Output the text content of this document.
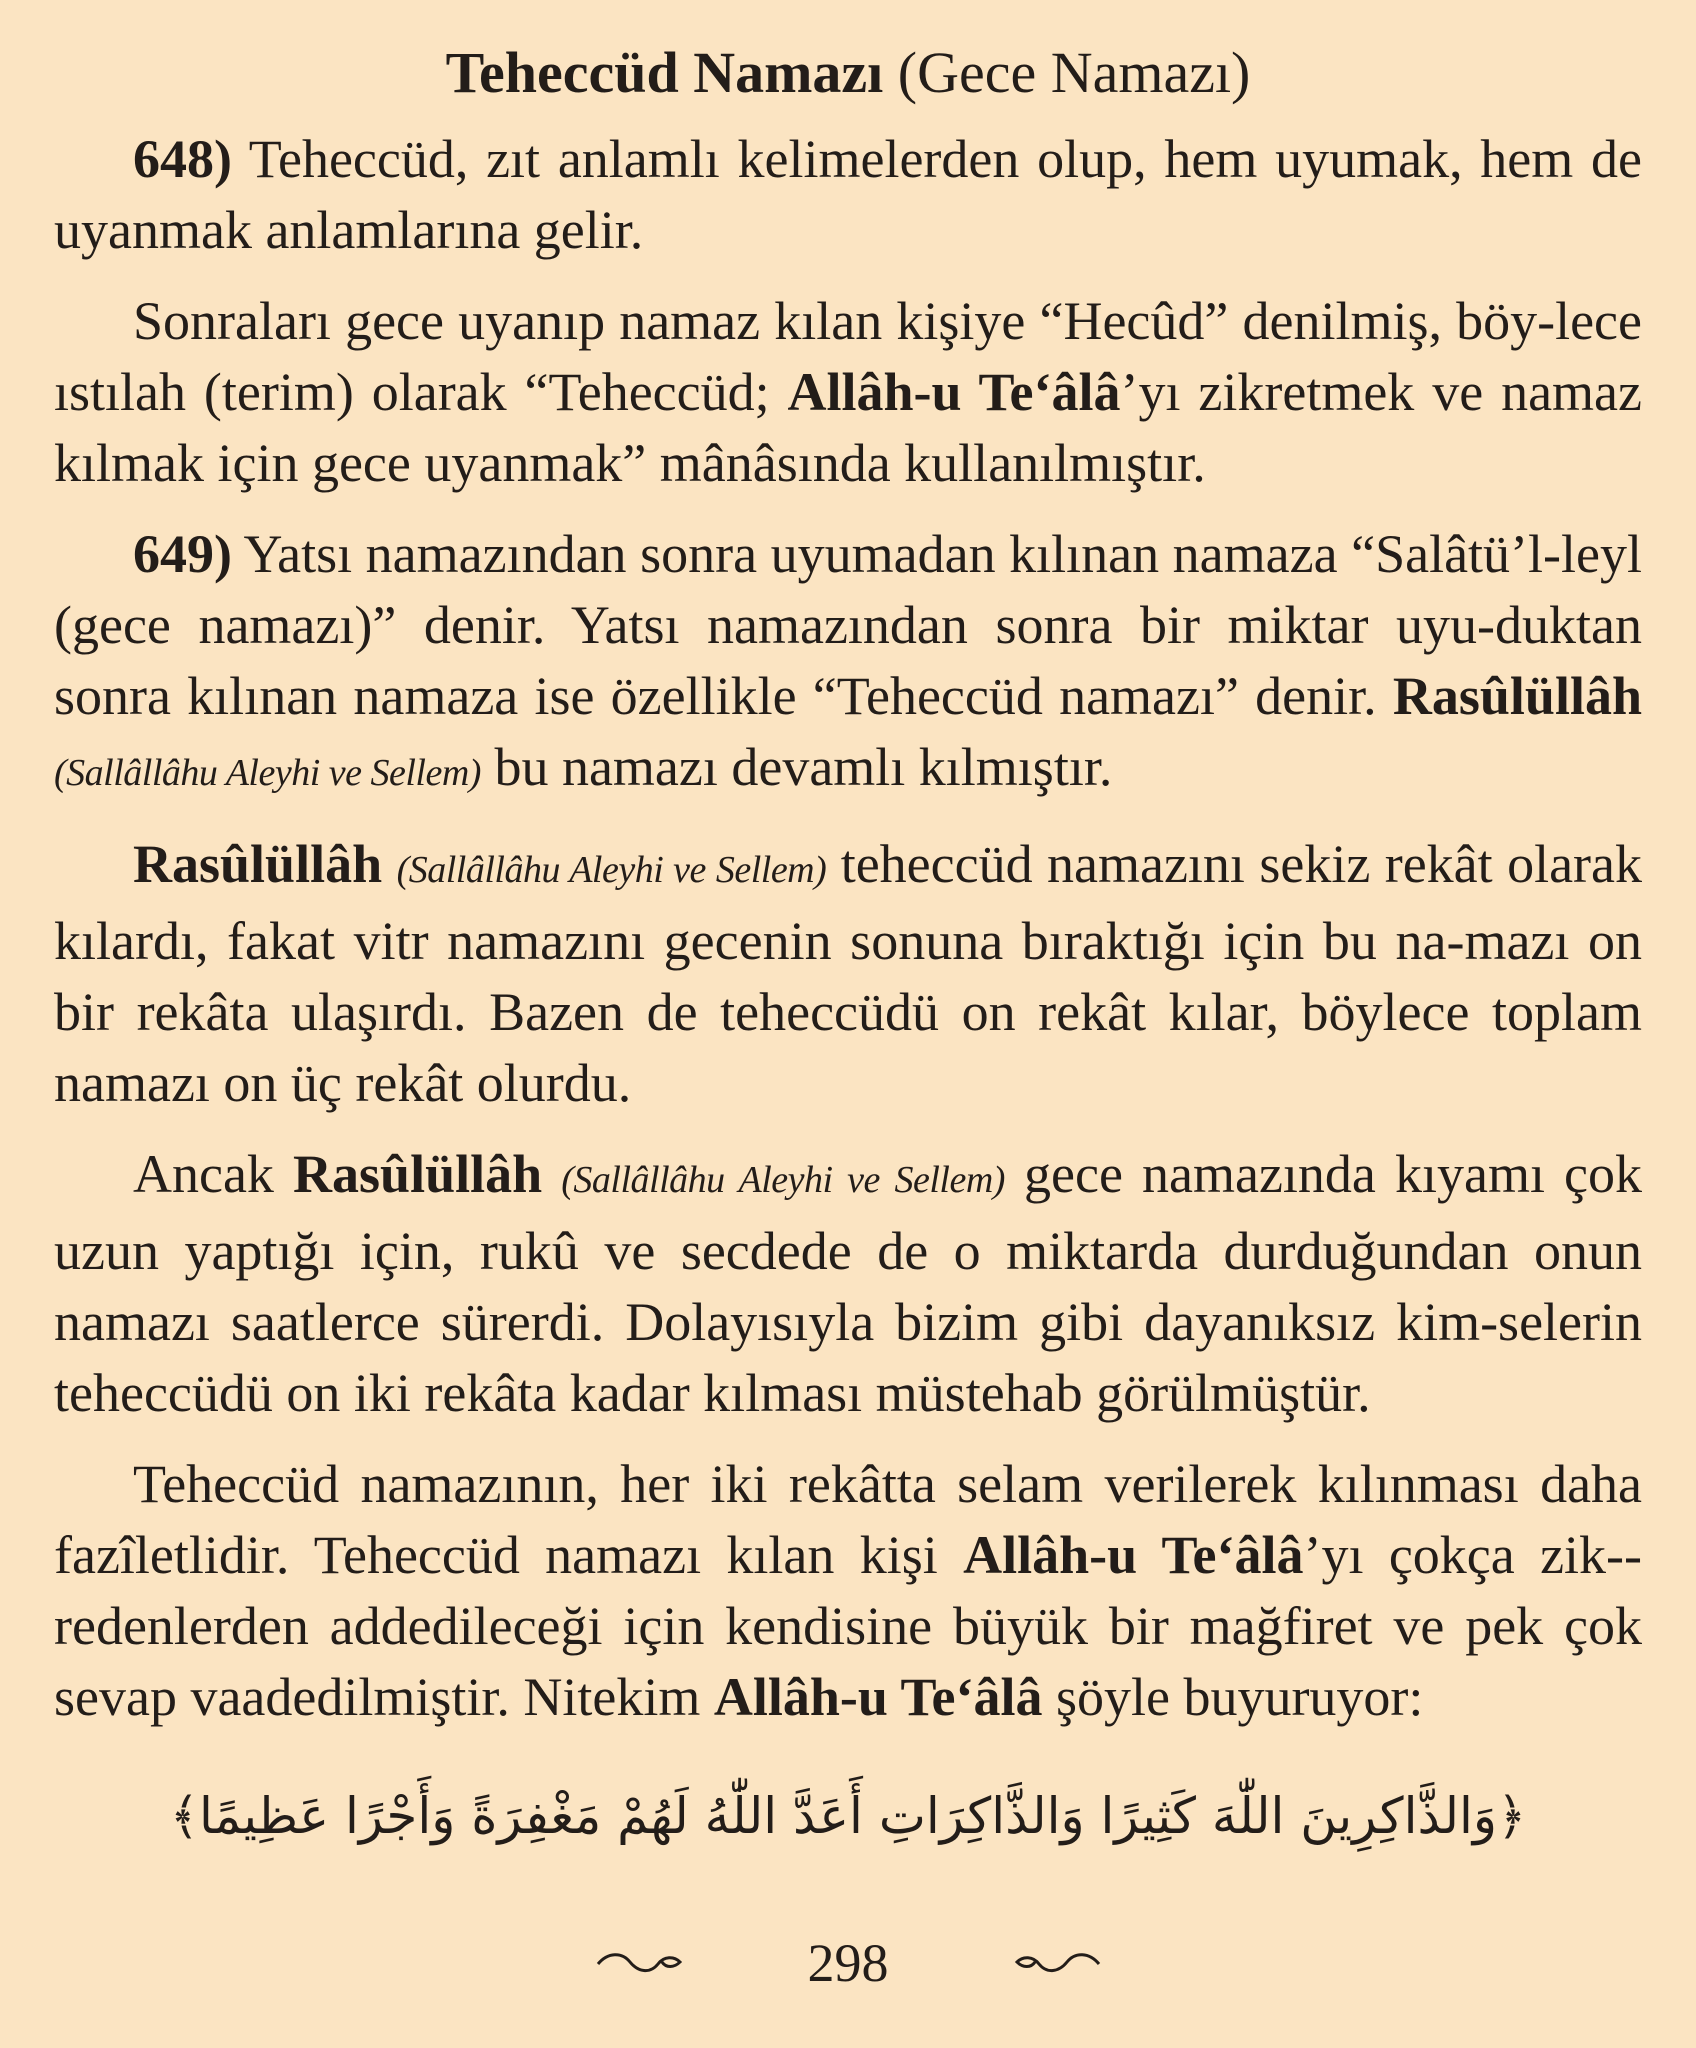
Teheccüd Namazı (Gece Namazı)

648) Teheccüd, zıt anlamlı kelimelerden olup, hem uyumak, hem de uyanmak anlamlarına gelir.

Sonraları gece uyanıp namaz kılan kişiye “Hecûd” denilmiş, böy-lece ıstılah (terim) olarak “Teheccüd; Allâh-u Te‘âlâ’yı zikretmek ve namaz kılmak için gece uyanmak” mânâsında kullanılmıştır.

649) Yatsı namazından sonra uyumadan kılınan namaza “Salâtü’l-leyl (gece namazı)” denir. Yatsı namazından sonra bir miktar uyu-duktan sonra kılınan namaza ise özellikle “Teheccüd namazı” denir. Rasûlüllâh (Sallâllâhu Aleyhi ve Sellem) bu namazı devamlı kılmıştır.

Rasûlüllâh (Sallâllâhu Aleyhi ve Sellem) teheccüd namazını sekiz rekât olarak kılardı, fakat vitr namazını gecenin sonuna bıraktığı için bu na-mazı on bir rekâta ulaşırdı. Bazen de teheccüdü on rekât kılar, böylece toplam namazı on üç rekât olurdu.

Ancak Rasûlüllâh (Sallâllâhu Aleyhi ve Sellem) gece namazında kıyamı çok uzun yaptığı için, rukû ve secdede de o miktarda durduğundan onun namazı saatlerce sürerdi. Dolayısıyla bizim gibi dayanıksız kim-selerin teheccüdü on iki rekâta kadar kılması müstehab görülmüştür.

Teheccüd namazının, her iki rekâtta selam verilerek kılınması daha fazîletlidir. Teheccüd namazı kılan kişi Allâh-u Te‘âlâ’yı çokça zik-redenlerden addedileceği için kendisine büyük bir mağfiret ve pek çok sevap vaadedilmiştir. Nitekim Allâh-u Te‘âlâ şöyle buyuruyor:

﴿وَالذَّاكِرِينَ اللّٰهَ كَثِيرًا وَالذَّاكِرَاتِ أَعَدَّ اللّٰهُ لَهُمْ مَغْفِرَةً وَأَجْرًا عَظِيمًا﴾
298
